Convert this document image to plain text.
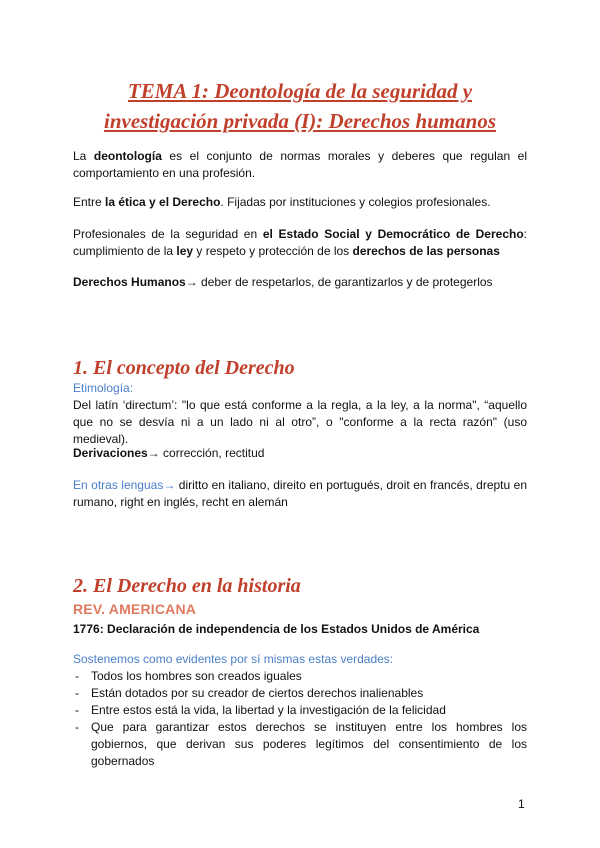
TEMA 1: Deontología de la seguridad y
investigación privada (I): Derechos humanos

La deontología es el conjunto de normas morales y deberes que regulan el comportamiento en una profesión.

Entre la ética y el Derecho. Fijadas por instituciones y colegios profesionales.

Profesionales de la seguridad en el Estado Social y Democrático de Derecho: cumplimiento de la ley y respeto y protección de los derechos de las personas

Derechos Humanos→ deber de respetarlos, de garantizarlos y de protegerlos

1. El concepto del Derecho

Etimología:

Del latín ‘directum’: "lo que está conforme a la regla, a la ley, a la norma", “aquello que no se desvía ni a un lado ni al otro”, o "conforme a la recta razón" (uso medieval).

Derivaciones→ corrección, rectitud

En otras lenguas→ diritto en italiano, direito en portugués, droit en francés, dreptu en rumano, right en inglés, recht en alemán

2. El Derecho en la historia

REV. AMERICANA

1776: Declaración de independencia de los Estados Unidos de América

Sostenemos como evidentes por sí mismas estas verdades:

- Todos los hombres son creados iguales
- Están dotados por su creador de ciertos derechos inalienables
- Entre estos está la vida, la libertad y la investigación de la felicidad
- Que para garantizar estos derechos se instituyen entre los hombres los gobiernos, que derivan sus poderes legítimos del consentimiento de los gobernados
1
